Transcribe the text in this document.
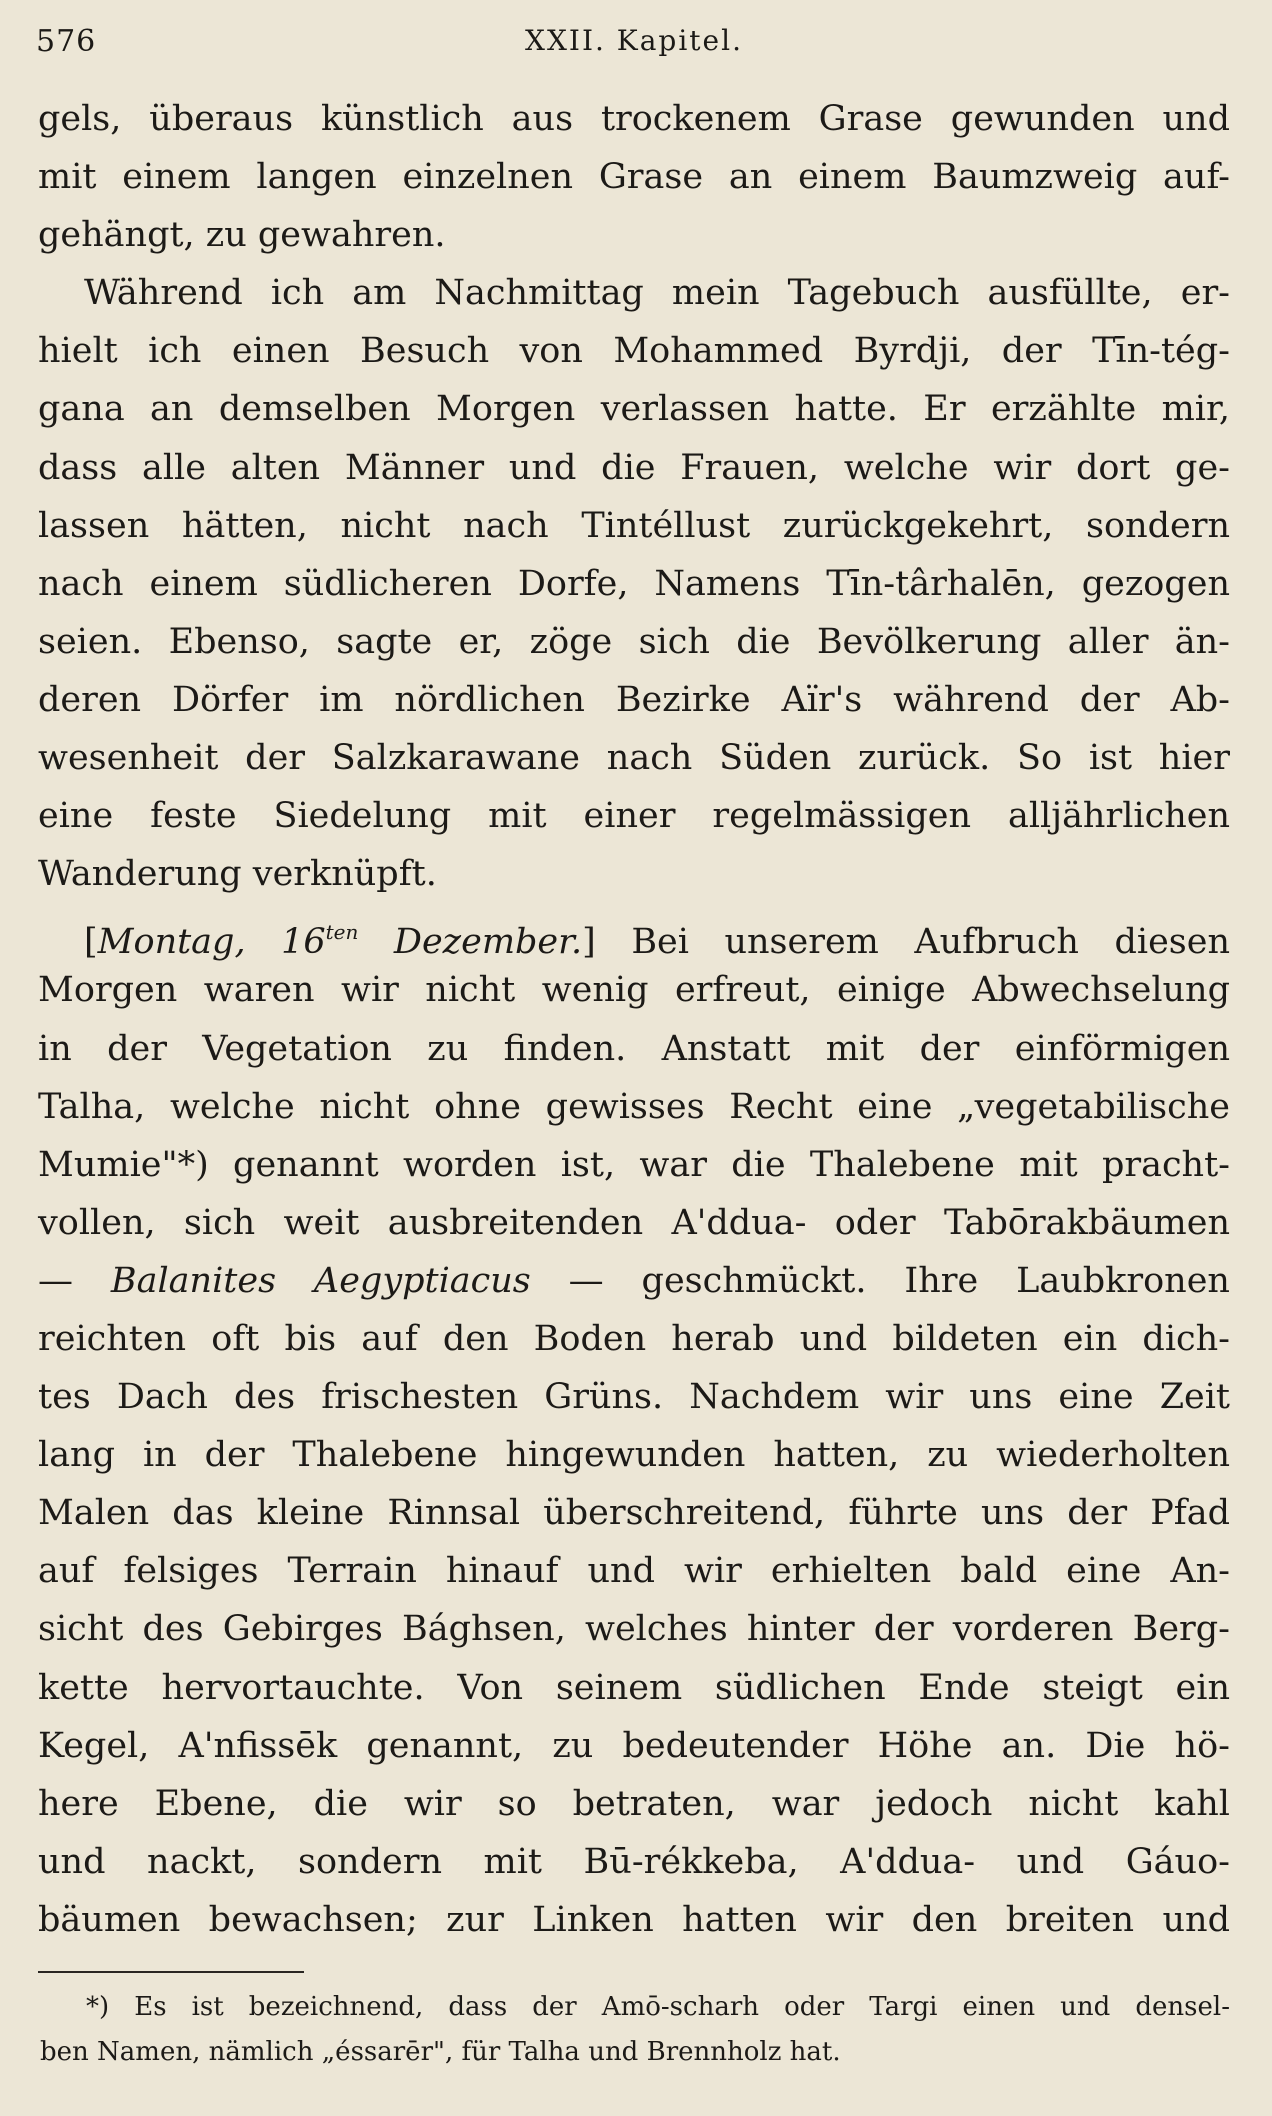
576	XXII. Kapitel.
gels, überaus künstlich aus trockenem Grase gewunden und
mit einem langen einzelnen Grase an einem Baumzweig auf-
gehängt, zu gewahren.
Während ich am Nachmittag mein Tagebuch ausfüllte, er-
hielt ich einen Besuch von Mohammed Byrdji, der Tīn-tég-
gana an demselben Morgen verlassen hatte. Er erzählte mir,
dass alle alten Männer und die Frauen, welche wir dort ge-
lassen hätten, nicht nach Tintéllust zurückgekehrt, sondern
nach einem südlicheren Dorfe, Namens Tīn-târhalēn, gezogen
seien. Ebenso, sagte er, zöge sich die Bevölkerung aller än-
deren Dörfer im nördlichen Bezirke Aïr's während der Ab-
wesenheit der Salzkarawane nach Süden zurück. So ist hier
eine feste Siedelung mit einer regelmässigen alljährlichen
Wanderung verknüpft.
[Montag, $16^{ten}$ Dezember.] Bei unserem Aufbruch diesen
Morgen waren wir nicht wenig erfreut, einige Abwechselung
in der Vegetation zu finden. Anstatt mit der einförmigen
Talha, welche nicht ohne gewisses Recht eine „vegetabilische
Mumie"*) genannt worden ist, war die Thalebene mit pracht-
vollen, sich weit ausbreitenden A'ddua- oder Tabōrakbäumen
— Balanites Aegyptiacus — geschmückt. Ihre Laubkronen
reichten oft bis auf den Boden herab und bildeten ein dich-
tes Dach des frischesten Grüns. Nachdem wir uns eine Zeit
lang in der Thalebene hingewunden hatten, zu wiederholten
Malen das kleine Rinnsal überschreitend, führte uns der Pfad
auf felsiges Terrain hinauf und wir erhielten bald eine An-
sicht des Gebirges Bághsen, welches hinter der vorderen Berg-
kette hervortauchte. Von seinem südlichen Ende steigt ein
Kegel, A'nfissēk genannt, zu bedeutender Höhe an. Die hö-
here Ebene, die wir so betraten, war jedoch nicht kahl
und nackt, sondern mit Bū-rékkeba, A'ddua- und Gáuo-
bäumen bewachsen; zur Linken hatten wir den breiten und
*) Es ist bezeichnend, dass der Amō-scharh oder Targi einen und densel-
ben Namen, nämlich „éssarēr", für Talha und Brennholz hat.
